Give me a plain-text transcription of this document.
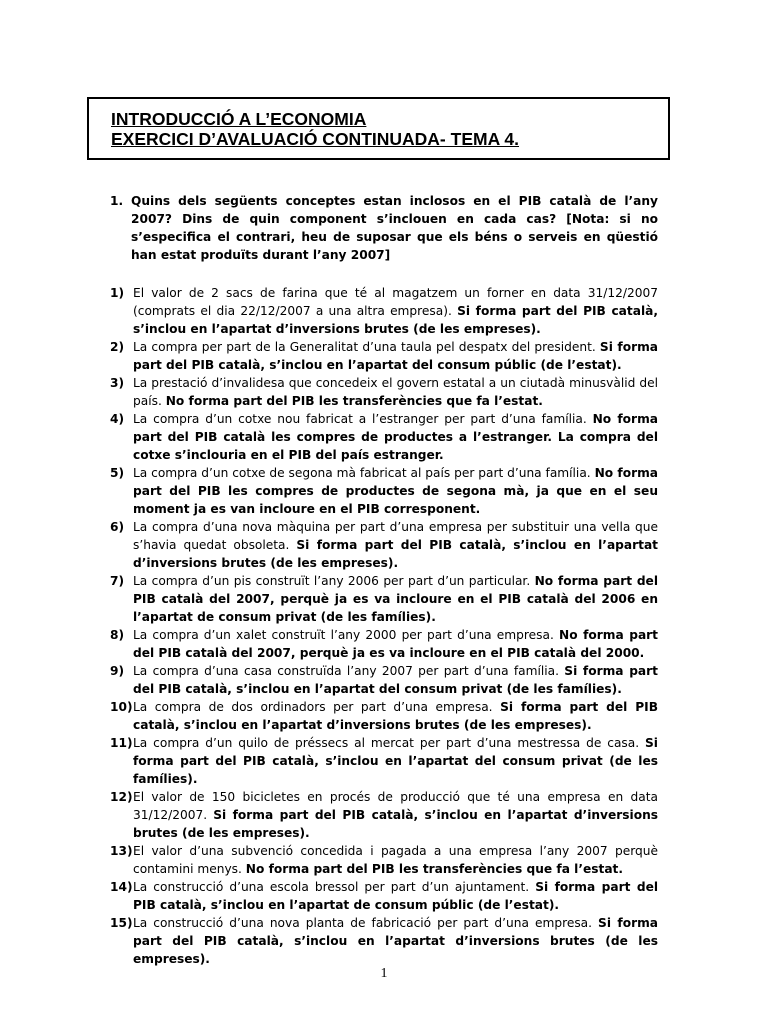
INTRODUCCIÓ A L’ECONOMIA
EXERCICI D’AVALUACIÓ CONTINUADA- TEMA 4.
1. Quins dels següents conceptes estan inclosos en el PIB català de l’any 2007? Dins de quin component s’inclouen en cada cas? [Nota: si no s’especifica el contrari, heu de suposar que els béns o serveis en qüestió han estat produïts durant l’any 2007]
1) El valor de 2 sacs de farina que té al magatzem un forner en data 31/12/2007 (comprats el dia 22/12/2007 a una altra empresa). Si forma part del PIB català, s’inclou en l’apartat d’inversions brutes (de les empreses).
2) La compra per part de la Generalitat d’una taula pel despatx del president. Si forma part del PIB català, s’inclou en l’apartat del consum públic (de l’estat).
3) La prestació d’invalidesa que concedeix el govern estatal a un ciutadà minusvàlid del país. No forma part del PIB les transferències que fa l’estat.
4) La compra d’un cotxe nou fabricat a l’estranger per part d’una família. No forma part del PIB català les compres de productes a l’estranger. La compra del cotxe s’inclouria en el PIB del país estranger.
5) La compra d’un cotxe de segona mà fabricat al país per part d’una família. No forma part del PIB les compres de productes de segona mà, ja que en el seu moment ja es van incloure en el PIB corresponent.
6) La compra d’una nova màquina per part d’una empresa per substituir una vella que s’havia quedat obsoleta. Si forma part del PIB català, s’inclou en l’apartat d’inversions brutes (de les empreses).
7) La compra d’un pis construït l’any 2006 per part d’un particular. No forma part del PIB català del 2007, perquè ja es va incloure en el PIB català del 2006 en l’apartat de consum privat (de les famílies).
8) La compra d’un xalet construït l’any 2000 per part d’una empresa. No forma part del PIB català del 2007, perquè ja es va incloure en el PIB català del 2000.
9) La compra d’una casa construïda l’any 2007 per part d’una família. Si forma part del PIB català, s’inclou en l’apartat del consum privat (de les famílies).
10) La compra de dos ordinadors per part d’una empresa. Si forma part del PIB català, s’inclou en l’apartat d’inversions brutes (de les empreses).
11) La compra d’un quilo de préssecs al mercat per part d’una mestressa de casa. Si forma part del PIB català, s’inclou en l’apartat del consum privat (de les famílies).
12) El valor de 150 bicicletes en procés de producció que té una empresa en data 31/12/2007. Si forma part del PIB català, s’inclou en l’apartat d’inversions brutes (de les empreses).
13) El valor d’una subvenció concedida i pagada a una empresa l’any 2007 perquè contamini menys. No forma part del PIB les transferències que fa l’estat.
14) La construcció d’una escola bressol per part d’un ajuntament. Si forma part del PIB català, s’inclou en l’apartat de consum públic (de l’estat).
15) La construcció d’una nova planta de fabricació per part d’una empresa. Si forma part del PIB català, s’inclou en l’apartat d’inversions brutes (de les empreses).
1
